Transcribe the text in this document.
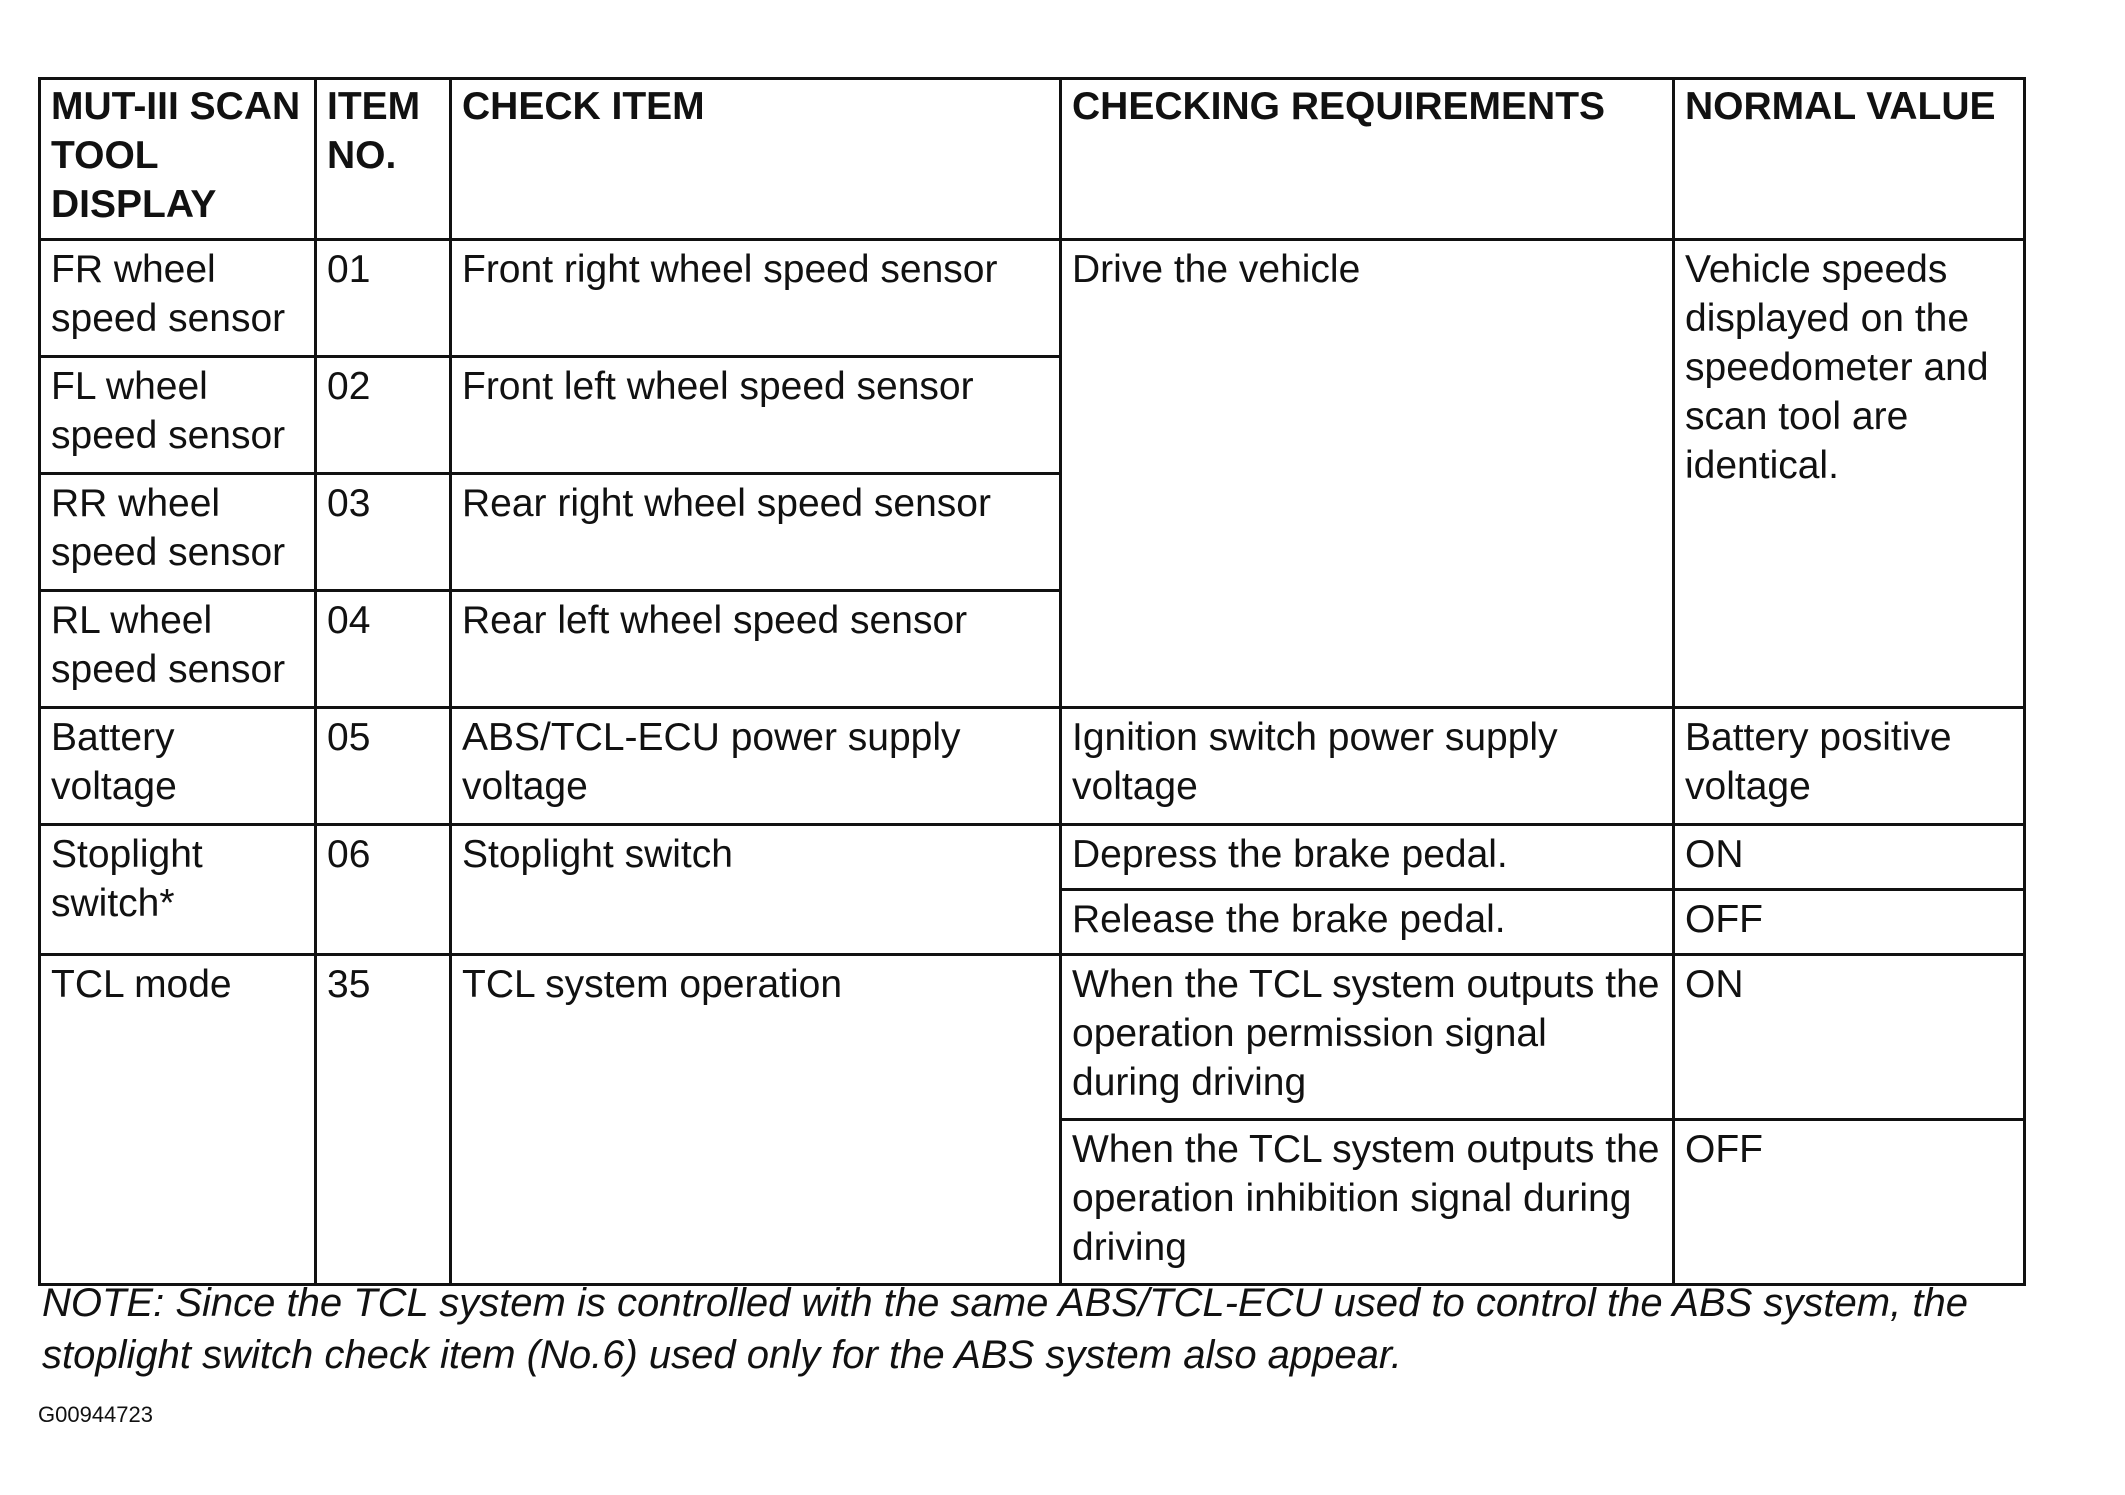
MUT-III SCAN TOOL DISPLAY	ITEM NO.	CHECK ITEM	CHECKING REQUIREMENTS	NORMAL VALUE
FR wheel speed sensor	01	Front right wheel speed sensor	Drive the vehicle	Vehicle speeds displayed on the speedometer and scan tool are identical.
FL wheel speed sensor	02	Front left wheel speed sensor		
RR wheel speed sensor	03	Rear right wheel speed sensor		
RL wheel speed sensor	04	Rear left wheel speed sensor		
Battery voltage	05	ABS/TCL-ECU power supply voltage	Ignition switch power supply voltage	Battery positive voltage
Stoplight switch*	06	Stoplight switch	Depress the brake pedal.	ON
			Release the brake pedal.	OFF
TCL mode	35	TCL system operation	When the TCL system outputs the operation permission signal during driving	ON
			When the TCL system outputs the operation inhibition signal during driving	OFF

NOTE: Since the TCL system is controlled with the same ABS/TCL-ECU used to control the ABS system, the stoplight switch check item (No.6) used only for the ABS system also appear.

G00944723
